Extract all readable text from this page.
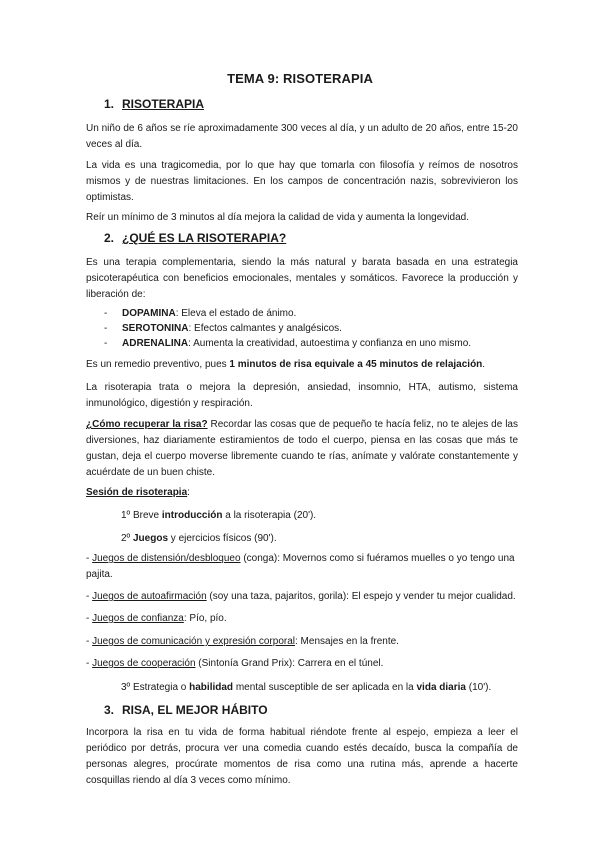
TEMA 9: RISOTERAPIA
1. RISOTERAPIA
Un niño de 6 años se ríe aproximadamente 300 veces al día, y un adulto de 20 años, entre 15-20 veces al día.
La vida es una tragicomedia, por lo que hay que tomarla con filosofía y reímos de nosotros mismos y de nuestras limitaciones. En los campos de concentración nazis, sobrevivieron los optimistas.
Reír un mínimo de 3 minutos al día mejora la calidad de vida y aumenta la longevidad.
2. ¿QUÉ ES LA RISOTERAPIA?
Es una terapia complementaria, siendo la más natural y barata basada en una estrategia psicoterapéutica con beneficios emocionales, mentales y somáticos. Favorece la producción y liberación de:
-	DOPAMINA: Eleva el estado de ánimo.
-	SEROTONINA: Efectos calmantes y analgésicos.
-	ADRENALINA: Aumenta la creatividad, autoestima y confianza en uno mismo.
Es un remedio preventivo, pues 1 minutos de risa equivale a 45 minutos de relajación.
La risoterapia trata o mejora la depresión, ansiedad, insomnio, HTA, autismo, sistema inmunológico, digestión y respiración.
¿Cómo recuperar la risa? Recordar las cosas que de pequeño te hacía feliz, no te alejes de las diversiones, haz diariamente estiramientos de todo el cuerpo, piensa en las cosas que más te gustan, deja el cuerpo moverse libremente cuando te rías, anímate y valórate constantemente y acuérdate de un buen chiste.
Sesión de risoterapia:
1º Breve introducción a la risoterapia (20').
2º Juegos y ejercicios físicos (90').
- Juegos de distensión/desbloqueo (conga): Movernos como si fuéramos muelles o yo tengo una pajita.
- Juegos de autoafirmación (soy una taza, pajaritos, gorila): El espejo y vender tu mejor cualidad.
- Juegos de confianza: Pío, pío.
- Juegos de comunicación y expresión corporal: Mensajes en la frente.
- Juegos de cooperación (Sintonía Grand Prix): Carrera en el túnel.
3º Estrategia o habilidad mental susceptible de ser aplicada en la vida diaria (10').
3. RISA, EL MEJOR HÁBITO
Incorpora la risa en tu vida de forma habitual riéndote frente al espejo, empieza a leer el periódico por detrás, procura ver una comedia cuando estés decaído, busca la compañía de personas alegres, procúrate momentos de risa como una rutina más, aprende a hacerte cosquillas riendo al día 3 veces como mínimo.
